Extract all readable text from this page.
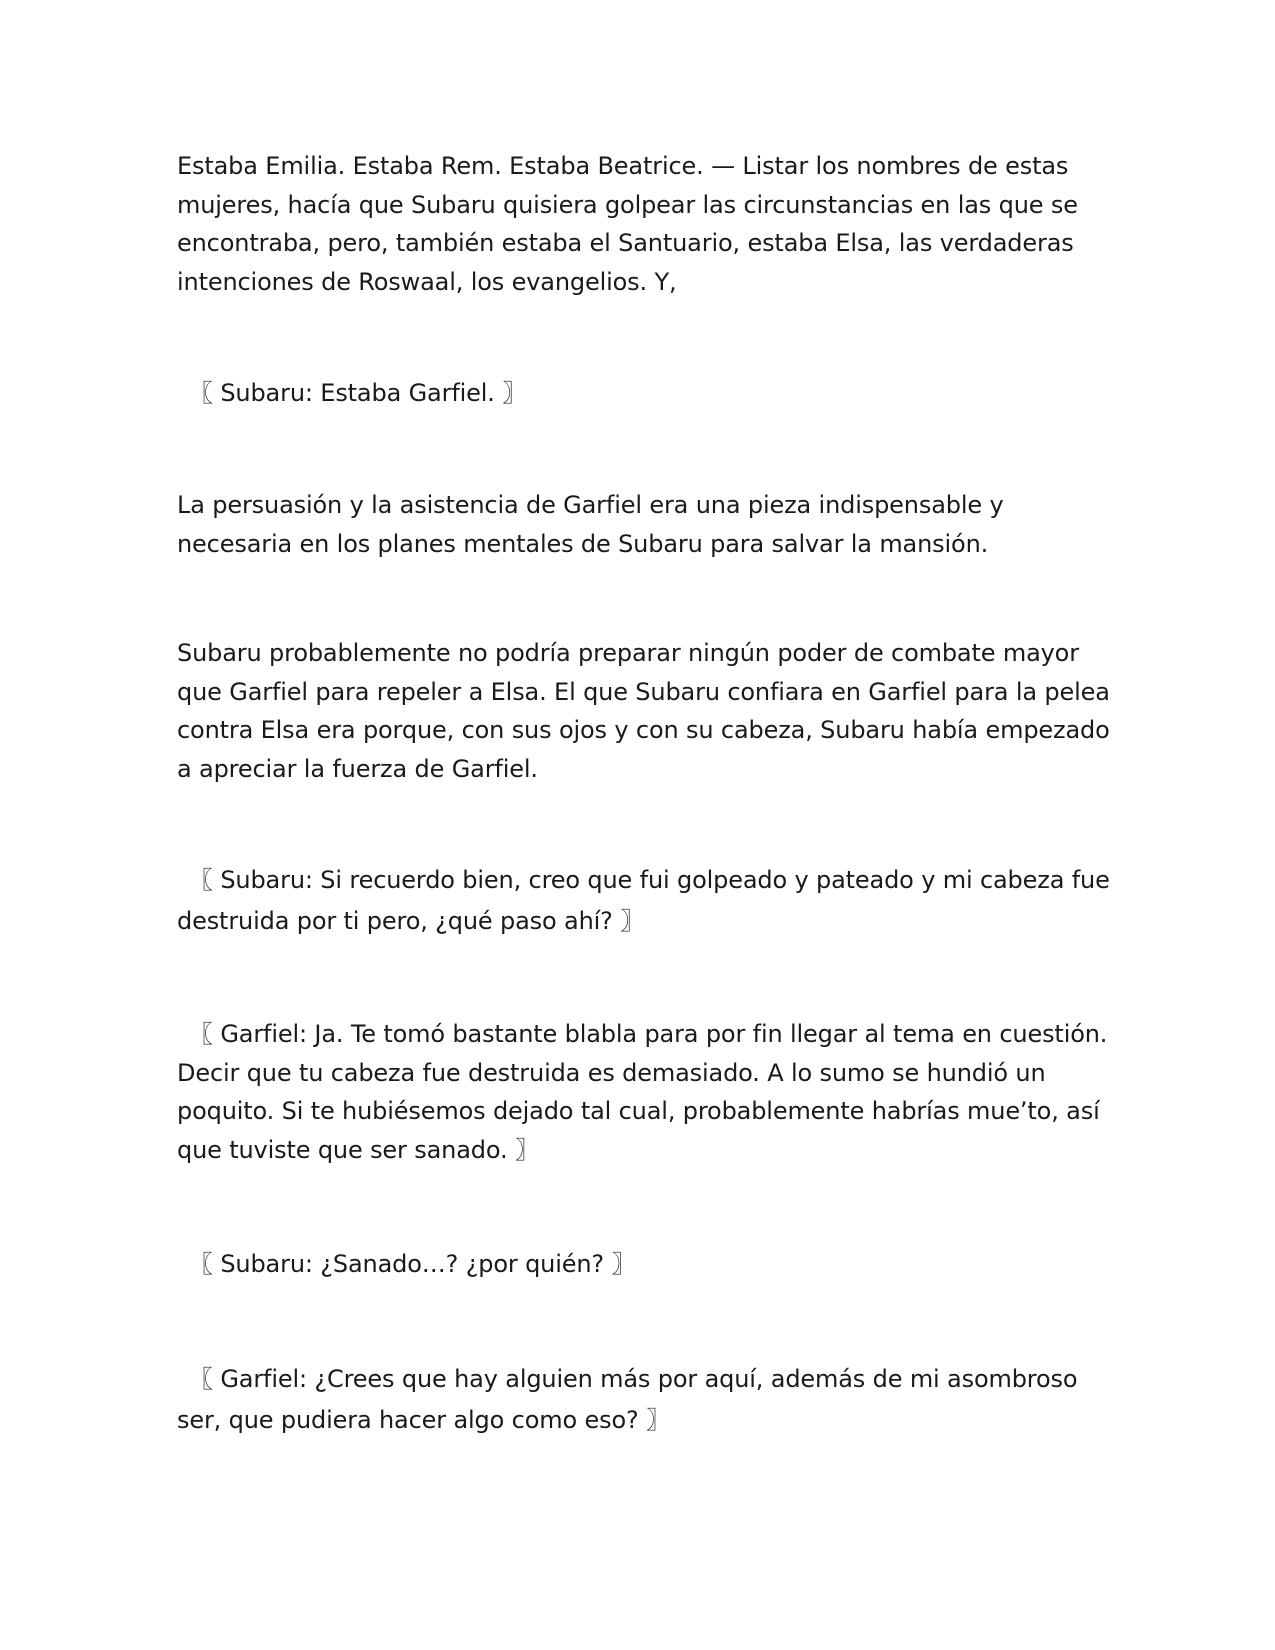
Estaba Emilia. Estaba Rem. Estaba Beatrice. — Listar los nombres de estas mujeres, hacía que Subaru quisiera golpear las circunstancias en las que se encontraba, pero, también estaba el Santuario, estaba Elsa, las verdaderas intenciones de Roswaal, los evangelios. Y,

〖 Subaru: Estaba Garfiel. 〗

La persuasión y la asistencia de Garfiel era una pieza indispensable y necesaria en los planes mentales de Subaru para salvar la mansión.

Subaru probablemente no podría preparar ningún poder de combate mayor que Garfiel para repeler a Elsa. El que Subaru confiara en Garfiel para la pelea contra Elsa era porque, con sus ojos y con su cabeza, Subaru había empezado a apreciar la fuerza de Garfiel.

〖 Subaru: Si recuerdo bien, creo que fui golpeado y pateado y mi cabeza fue destruida por ti pero, ¿qué paso ahí? 〗

〖 Garfiel: Ja. Te tomó bastante blabla para por fin llegar al tema en cuestión. Decir que tu cabeza fue destruida es demasiado. A lo sumo se hundió un poquito. Si te hubiésemos dejado tal cual, probablemente habrías mue’to, así que tuviste que ser sanado. 〗

〖 Subaru: ¿Sanado…? ¿por quién? 〗

〖 Garfiel: ¿Crees que hay alguien más por aquí, además de mi asombroso ser, que pudiera hacer algo como eso? 〗
